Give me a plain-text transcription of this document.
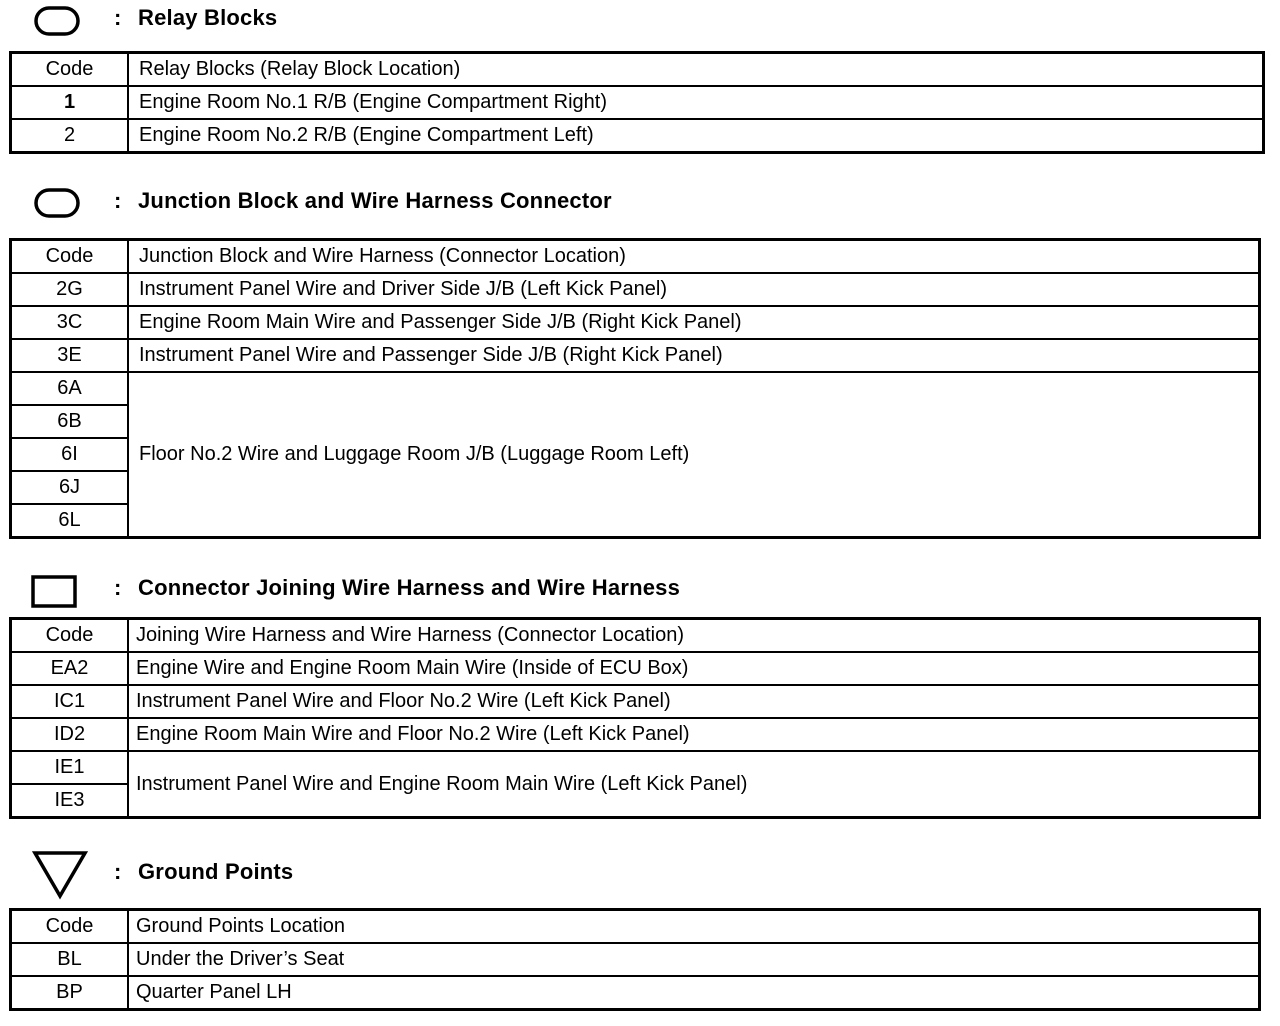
: Relay Blocks
Code	Relay Blocks (Relay Block Location)
1	Engine Room No.1 R/B (Engine Compartment Right)
2	Engine Room No.2 R/B (Engine Compartment Left)
: Junction Block and Wire Harness Connector
Code	Junction Block and Wire Harness (Connector Location)
2G	Instrument Panel Wire and Driver Side J/B (Left Kick Panel)
3C	Engine Room Main Wire and Passenger Side J/B (Right Kick Panel)
3E	Instrument Panel Wire and Passenger Side J/B (Right Kick Panel)
6A	Floor No.2 Wire and Luggage Room J/B (Luggage Room Left)
6B	
6I	
6J	
6L	
: Connector Joining Wire Harness and Wire Harness
Code	Joining Wire Harness and Wire Harness (Connector Location)
EA2	Engine Wire and Engine Room Main Wire (Inside of ECU Box)
IC1	Instrument Panel Wire and Floor No.2 Wire (Left Kick Panel)
ID2	Engine Room Main Wire and Floor No.2 Wire (Left Kick Panel)
IE1	Instrument Panel Wire and Engine Room Main Wire (Left Kick Panel)
IE3	
: Ground Points
Code	Ground Points Location
BL	Under the Driver’s Seat
BP	Quarter Panel LH
